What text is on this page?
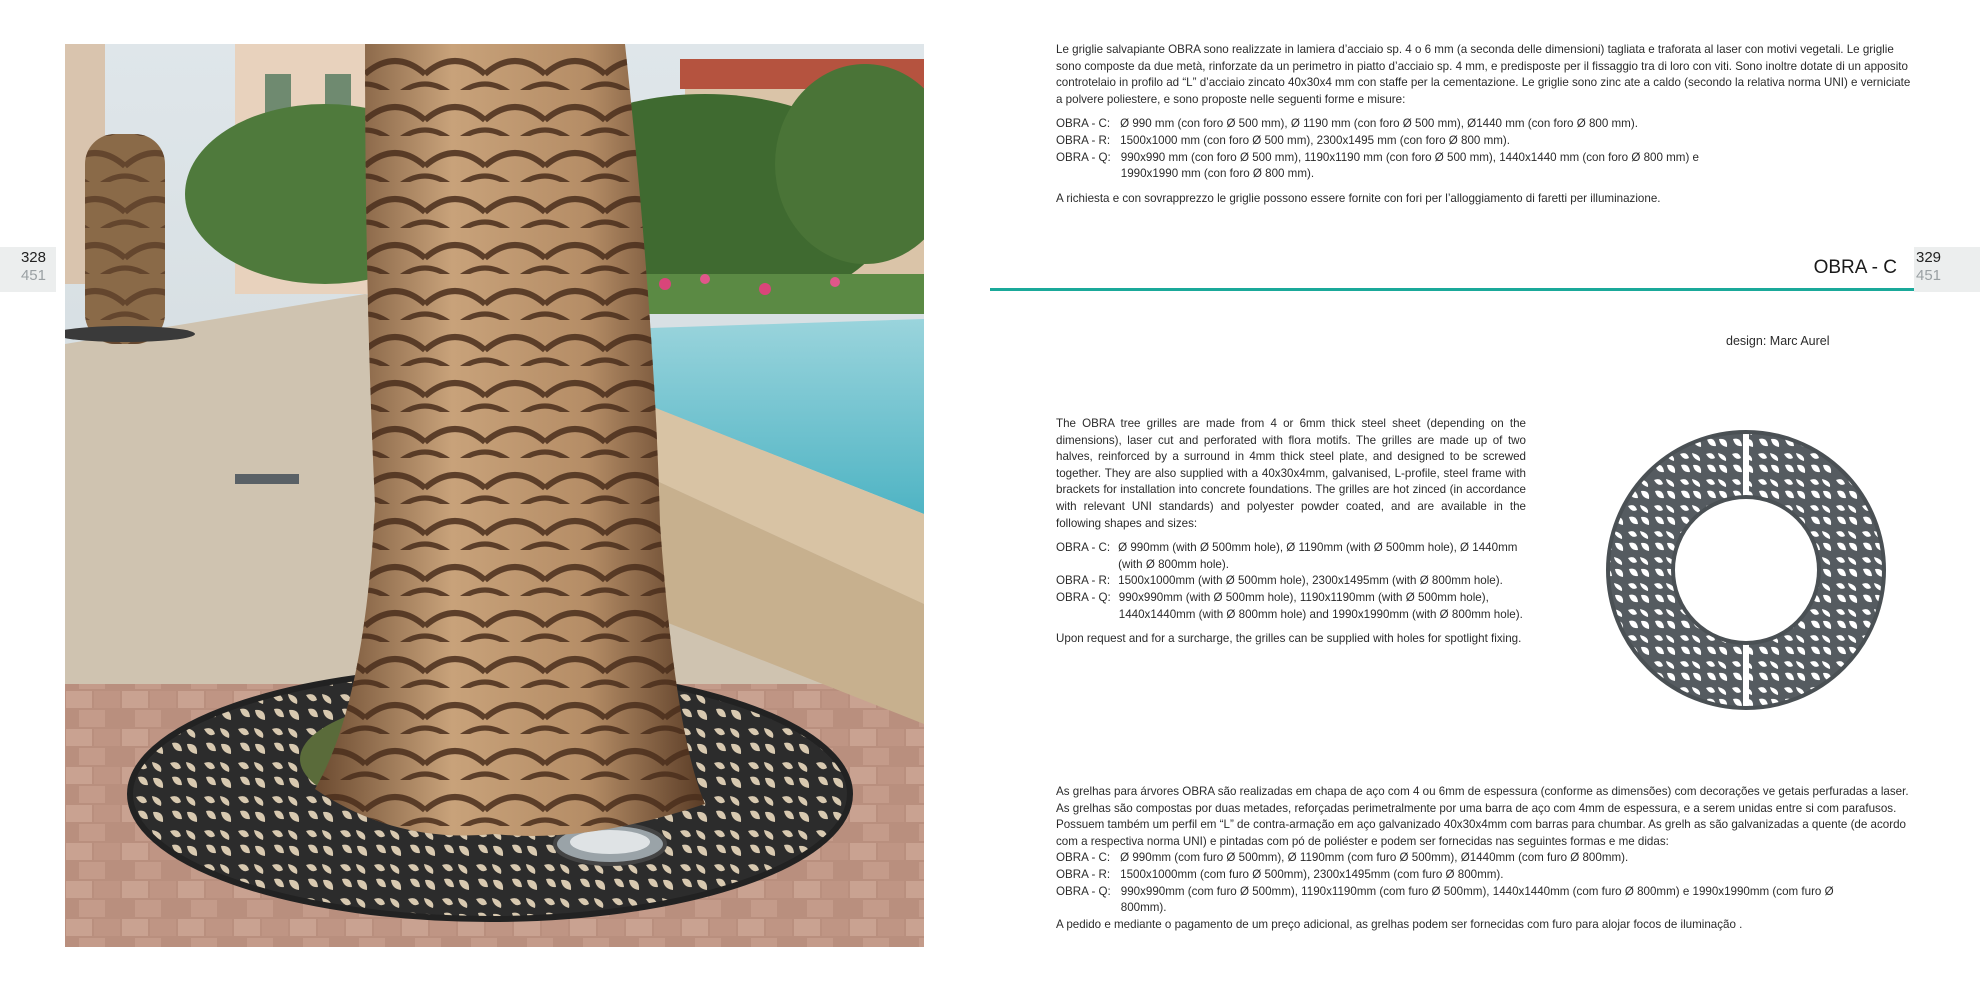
328
451
329
451

Le griglie salvapiante OBRA sono realizzate in lamiera d’acciaio sp. 4 o 6 mm (a seconda delle dimensioni) tagliata e traforata al laser con motivi vegetali. Le griglie sono composte da due metà, rinforzate da un perimetro in piatto d’acciaio sp. 4 mm, e predisposte per il fissaggio tra di loro con viti. Sono inoltre dotate di un apposito controtelaio in profilo ad “L” d’acciaio zincato 40x30x4 mm con staffe per la cementazione. Le griglie sono zinc ate a caldo (secondo la relativa norma UNI) e verniciate a polvere poliestere, e sono proposte nelle seguenti forme e misure:

OBRA - C: Ø 990 mm (con foro Ø 500 mm), Ø 1190 mm (con foro Ø 500 mm), Ø1440 mm (con foro Ø 800 mm).
OBRA - R: 1500x1000 mm (con foro Ø 500 mm), 2300x1495 mm (con foro Ø 800 mm).
OBRA - Q: 990x990 mm (con foro Ø 500 mm), 1190x1190 mm (con foro Ø 500 mm), 1440x1440 mm (con foro Ø 800 mm) e 1990x1990 mm (con foro Ø 800 mm).

A richiesta e con sovrapprezzo le griglie possono essere fornite con fori per l’alloggiamento di faretti per illuminazione.

OBRA - C
design: Marc Aurel

The OBRA tree grilles are made from 4 or 6mm thick steel sheet (depending on the dimensions), laser cut and perforated with flora motifs. The grilles are made up of two halves, reinforced by a surround in 4mm thick steel plate, and designed to be screwed together. They are also supplied with a 40x30x4mm, galvanised, L-profile, steel frame with brackets for installation into concrete foundations. The grilles are hot zinced (in accordance with relevant UNI standards) and polyester powder coated, and are available in the following shapes and sizes:

OBRA - C: Ø 990mm (with Ø 500mm hole), Ø 1190mm (with Ø 500mm hole), Ø 1440mm (with Ø 800mm hole).
OBRA - R: 1500x1000mm (with Ø 500mm hole), 2300x1495mm (with Ø 800mm hole).
OBRA - Q: 990x990mm (with Ø 500mm hole), 1190x1190mm (with Ø 500mm hole), 1440x1440mm (with Ø 800mm hole) and 1990x1990mm (with Ø 800mm hole).

Upon request and for a surcharge, the grilles can be supplied with holes for spotlight fixing.

As grelhas para árvores OBRA são realizadas em chapa de aço com 4 ou 6mm de espessura (conforme as dimensões) com decorações ve getais perfuradas a laser. As grelhas são compostas por duas metades, reforçadas perimetralmente por uma barra de aço com 4mm de espessura, e a serem unidas entre si com parafusos. Possuem também um perfil em “L” de contra-armação em aço galvanizado 40x30x4mm com barras para chumbar. As grelh as são galvanizadas a quente (de acordo com a respectiva norma UNI) e pintadas com pó de poliéster e podem ser fornecidas nas seguintes formas e me didas:

OBRA - C: Ø 990mm (com furo Ø 500mm), Ø 1190mm (com furo Ø 500mm), Ø1440mm (com furo Ø 800mm).
OBRA - R: 1500x1000mm (com furo Ø 500mm), 2300x1495mm (com furo Ø 800mm).
OBRA - Q: 990x990mm (com furo Ø 500mm), 1190x1190mm (com furo Ø 500mm), 1440x1440mm (com furo Ø 800mm) e 1990x1990mm (com furo Ø 800mm).

A pedido e mediante o pagamento de um preço adicional, as grelhas podem ser fornecidas com furo para alojar focos de iluminação .
